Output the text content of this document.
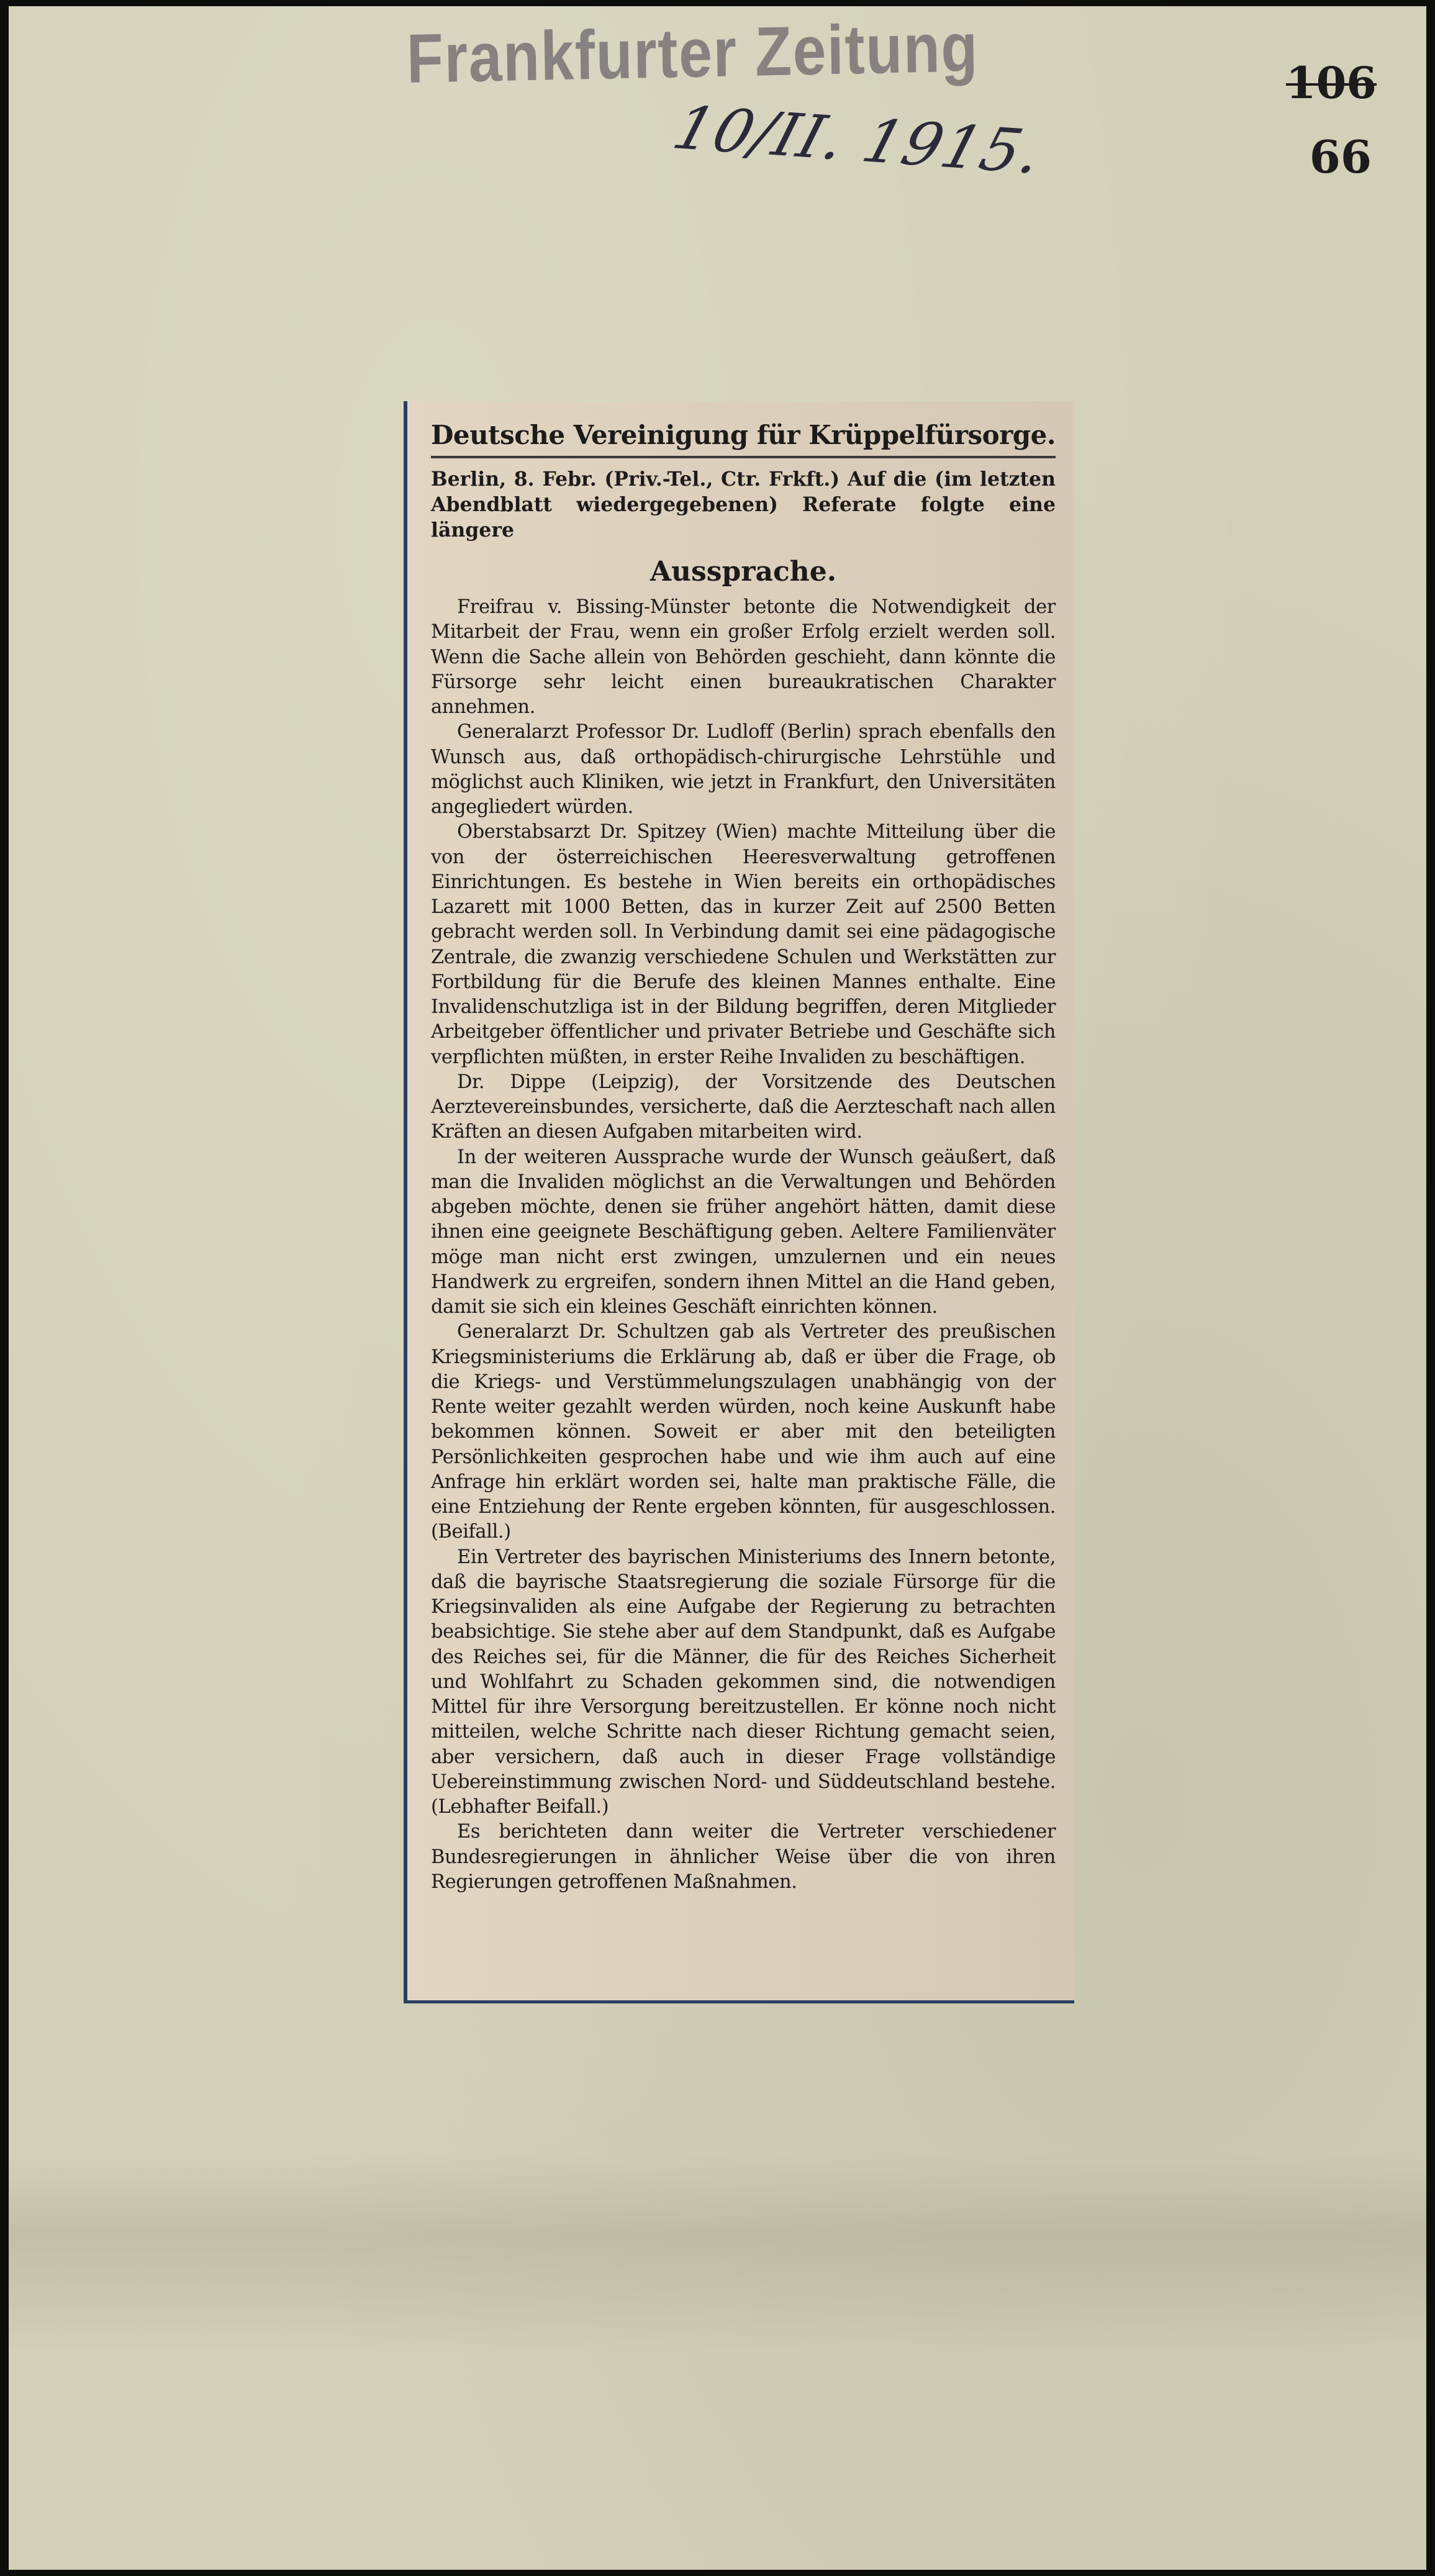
Frankfurter Zeitung
10/II. 1915.
106
66
Deutsche Vereinigung für Krüppelfürsorge.

Berlin, 8. Febr. (Priv.-Tel., Ctr. Frkft.) Auf die (im letzten Abendblatt wiedergegebenen) Referate folgte eine längere

Aussprache.

Freifrau v. Bissing-Münster betonte die Notwendigkeit der Mitarbeit der Frau, wenn ein großer Erfolg erzielt werden soll. Wenn die Sache allein von Behörden geschieht, dann könnte die Fürsorge sehr leicht einen bureaukratischen Charakter annehmen.

Generalarzt Professor Dr. Ludloff (Berlin) sprach ebenfalls den Wunsch aus, daß orthopädisch-chirurgische Lehrstühle und möglichst auch Kliniken, wie jetzt in Frankfurt, den Universitäten angegliedert würden.

Oberstabsarzt Dr. Spitzey (Wien) machte Mitteilung über die von der österreichischen Heeresverwaltung getroffenen Einrichtungen. Es bestehe in Wien bereits ein orthopädisches Lazarett mit 1000 Betten, das in kurzer Zeit auf 2500 Betten gebracht werden soll. In Verbindung damit sei eine pädagogische Zentrale, die zwanzig verschiedene Schulen und Werkstätten zur Fortbildung für die Berufe des kleinen Mannes enthalte. Eine Invalidenschutzliga ist in der Bildung begriffen, deren Mitglieder Arbeitgeber öffentlicher und privater Betriebe und Geschäfte sich verpflichten müßten, in erster Reihe Invaliden zu beschäftigen.

Dr. Dippe (Leipzig), der Vorsitzende des Deutschen Aerztevereinsbundes, versicherte, daß die Aerzteschaft nach allen Kräften an diesen Aufgaben mitarbeiten wird.

In der weiteren Aussprache wurde der Wunsch geäußert, daß man die Invaliden möglichst an die Verwaltungen und Behörden abgeben möchte, denen sie früher angehört hätten, damit diese ihnen eine geeignete Beschäftigung geben. Aeltere Familienväter möge man nicht erst zwingen, umzulernen und ein neues Handwerk zu ergreifen, sondern ihnen Mittel an die Hand geben, damit sie sich ein kleines Geschäft einrichten können.

Generalarzt Dr. Schultzen gab als Vertreter des preußischen Kriegsministeriums die Erklärung ab, daß er über die Frage, ob die Kriegs- und Verstümmelungszulagen unabhängig von der Rente weiter gezahlt werden würden, noch keine Auskunft habe bekommen können. Soweit er aber mit den beteiligten Persönlichkeiten gesprochen habe und wie ihm auch auf eine Anfrage hin erklärt worden sei, halte man praktische Fälle, die eine Entziehung der Rente ergeben könnten, für ausgeschlossen. (Beifall.)

Ein Vertreter des bayrischen Ministeriums des Innern betonte, daß die bayrische Staatsregierung die soziale Fürsorge für die Kriegsinvaliden als eine Aufgabe der Regierung zu betrachten beabsichtige. Sie stehe aber auf dem Standpunkt, daß es Aufgabe des Reiches sei, für die Männer, die für des Reiches Sicherheit und Wohlfahrt zu Schaden gekommen sind, die notwendigen Mittel für ihre Versorgung bereitzustellen. Er könne noch nicht mitteilen, welche Schritte nach dieser Richtung gemacht seien, aber versichern, daß auch in dieser Frage vollständige Uebereinstimmung zwischen Nord- und Süddeutschland bestehe. (Lebhafter Beifall.)

Es berichteten dann weiter die Vertreter verschiedener Bundesregierungen in ähnlicher Weise über die von ihren Regierungen getroffenen Maßnahmen.
